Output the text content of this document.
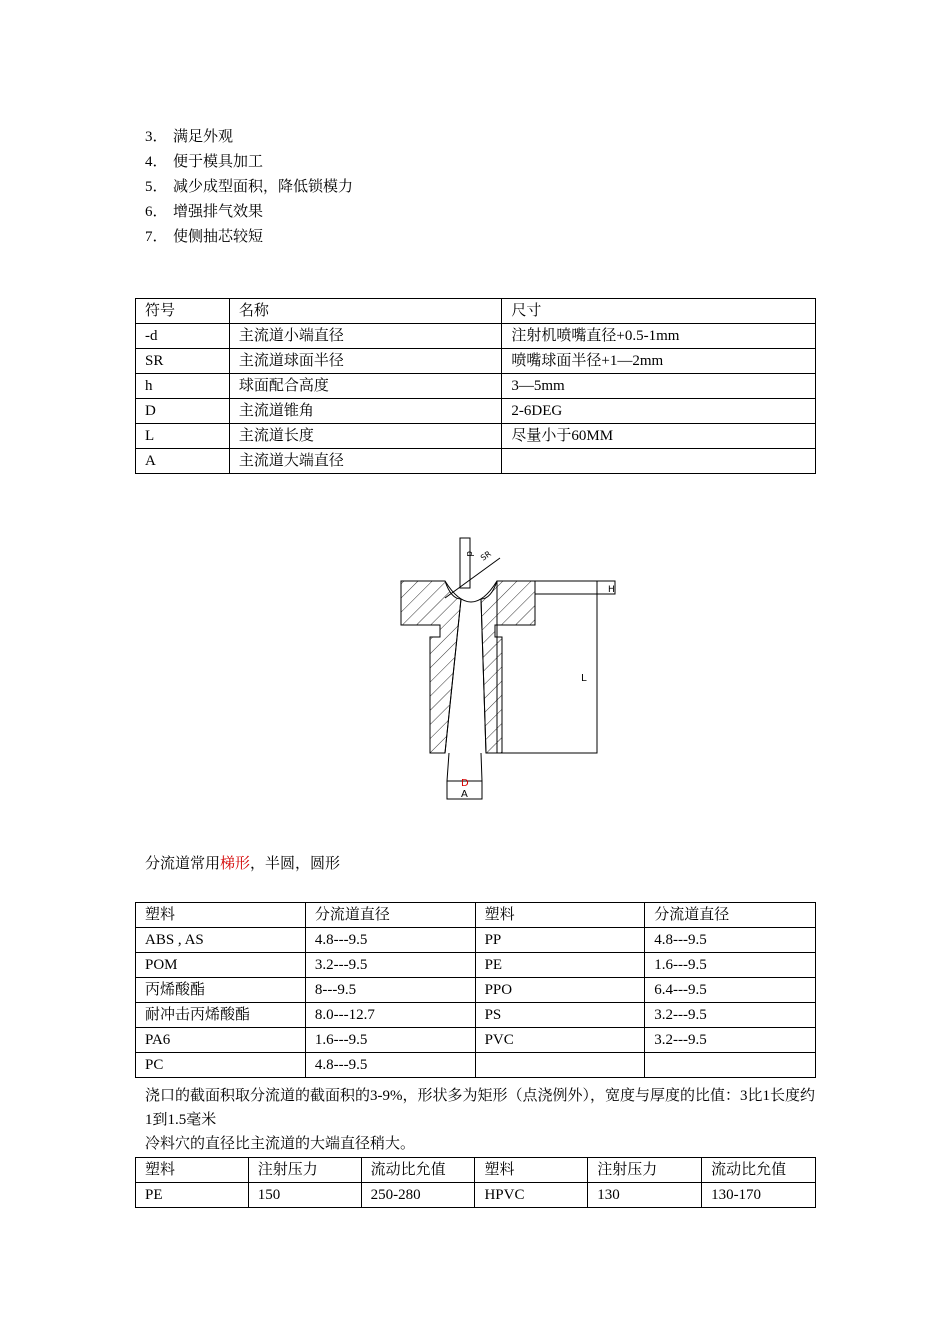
3． 满足外观
4． 便于模具加工
5． 减少成型面积，降低锁模力
6． 增强排气效果
7． 使侧抽芯较短
符号	名称	尺寸
-d	主流道小端直径	注射机喷嘴直径+0.5-1mm
SR	主流道球面半径	喷嘴球面半径+1—2mm
h	球面配合高度	3—5mm
D	主流道锥角	2-6DEG
L	主流道长度	尽量小于60MM
A	主流道大端直径	
d SR
H
L
D
A
分流道常用梯形，半圆，圆形
塑料	分流道直径	塑料	分流道直径
ABS , AS	4.8---9.5	PP	4.8---9.5
POM	3.2---9.5	PE	1.6---9.5
丙烯酸酯	8---9.5	PPO	6.4---9.5
耐冲击丙烯酸酯	8.0---12.7	PS	3.2---9.5
PA6	1.6---9.5	PVC	3.2---9.5
PC	4.8---9.5		
浇口的截面积取分流道的截面积的3-9%，形状多为矩形（点浇例外），宽度与厚度的比值：3比1长度约1到1.5毫米
冷料穴的直径比主流道的大端直径稍大。
塑料	注射压力	流动比允值	塑料	注射压力	流动比允值
PE	150	250-280	HPVC	130	130-170
